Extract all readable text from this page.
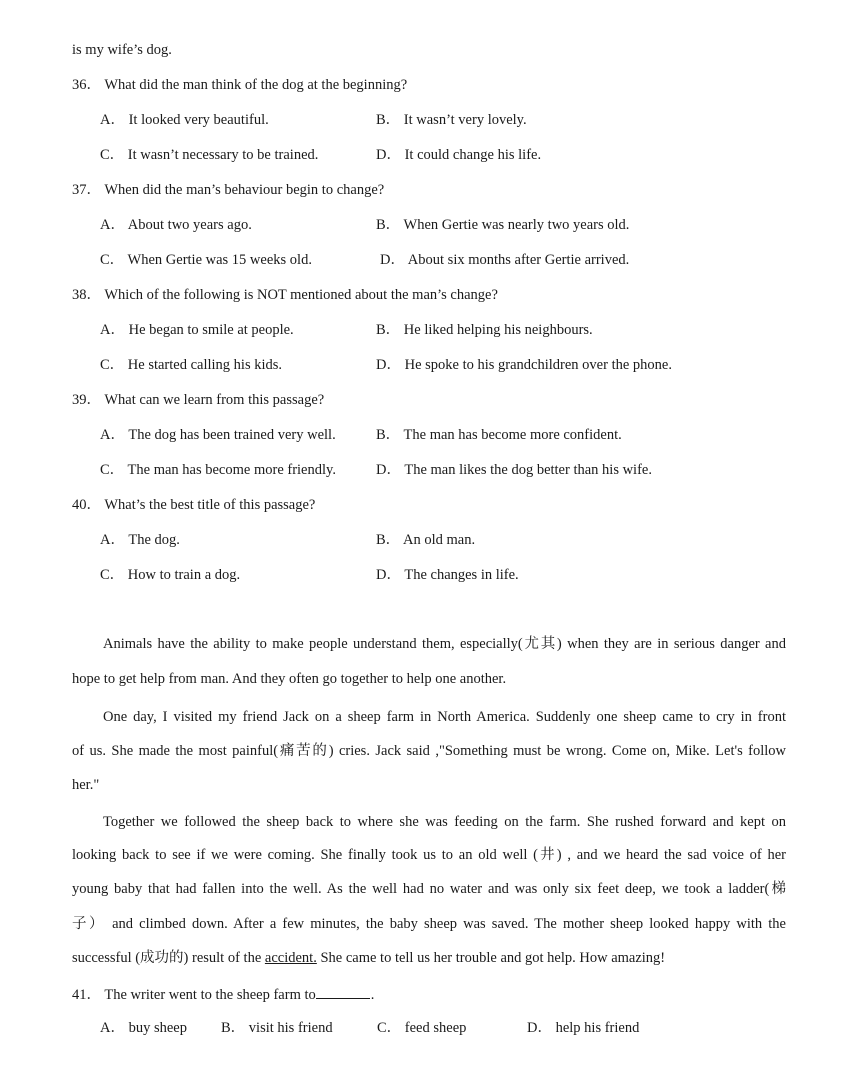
is my wife’s dog.
36． What did the man think of the dog at the beginning?
A． It looked very beautiful.	B． It wasn’t very lovely.
C． It wasn’t necessary to be trained.	D． It could change his life.
37． When did the man’s behaviour begin to change?
A． About two years ago.	B． When Gertie was nearly two years old.
C． When Gertie was 15 weeks old.	D． About six months after Gertie arrived.
38． Which of the following is NOT mentioned about the man’s change?
A． He began to smile at people.	B． He liked helping his neighbours.
C． He started calling his kids.	D． He spoke to his grandchildren over the phone.
39． What can we learn from this passage?
A． The dog has been trained very well.	B． The man has become more confident.
C． The man has become more friendly.	D． The man likes the dog better than his wife.
40． What’s the best title of this passage?
A． The dog.	B． An old man.
C． How to train a dog.	D． The changes in life.
Animals have the ability to make people understand them, especially(尤其) when they are in serious danger and
hope to get help from man. And they often go together to help one another.
One day, I visited my friend Jack on a sheep farm in North America. Suddenly one sheep came to cry in front
of us. She made the most painful(痛苦的) cries. Jack said ,"Something must be wrong. Come on, Mike. Let's follow
her."
Together we followed the sheep back to where she was feeding on the farm. She rushed forward and kept on
looking back to see if we were coming. She finally took us to an old well (井) , and we heard the sad voice of her
young baby that had fallen into the well. As the well had no water and was only six feet deep, we took a ladder(梯
子） and climbed down. After a few minutes, the baby sheep was saved. The mother sheep looked happy with the
successful (成功的) result of the accident. She came to tell us her trouble and got help. How amazing!
41． The writer went to the sheep farm to	.
A． buy sheep B． visit his friend	C． feed sheep	D． help his friend
